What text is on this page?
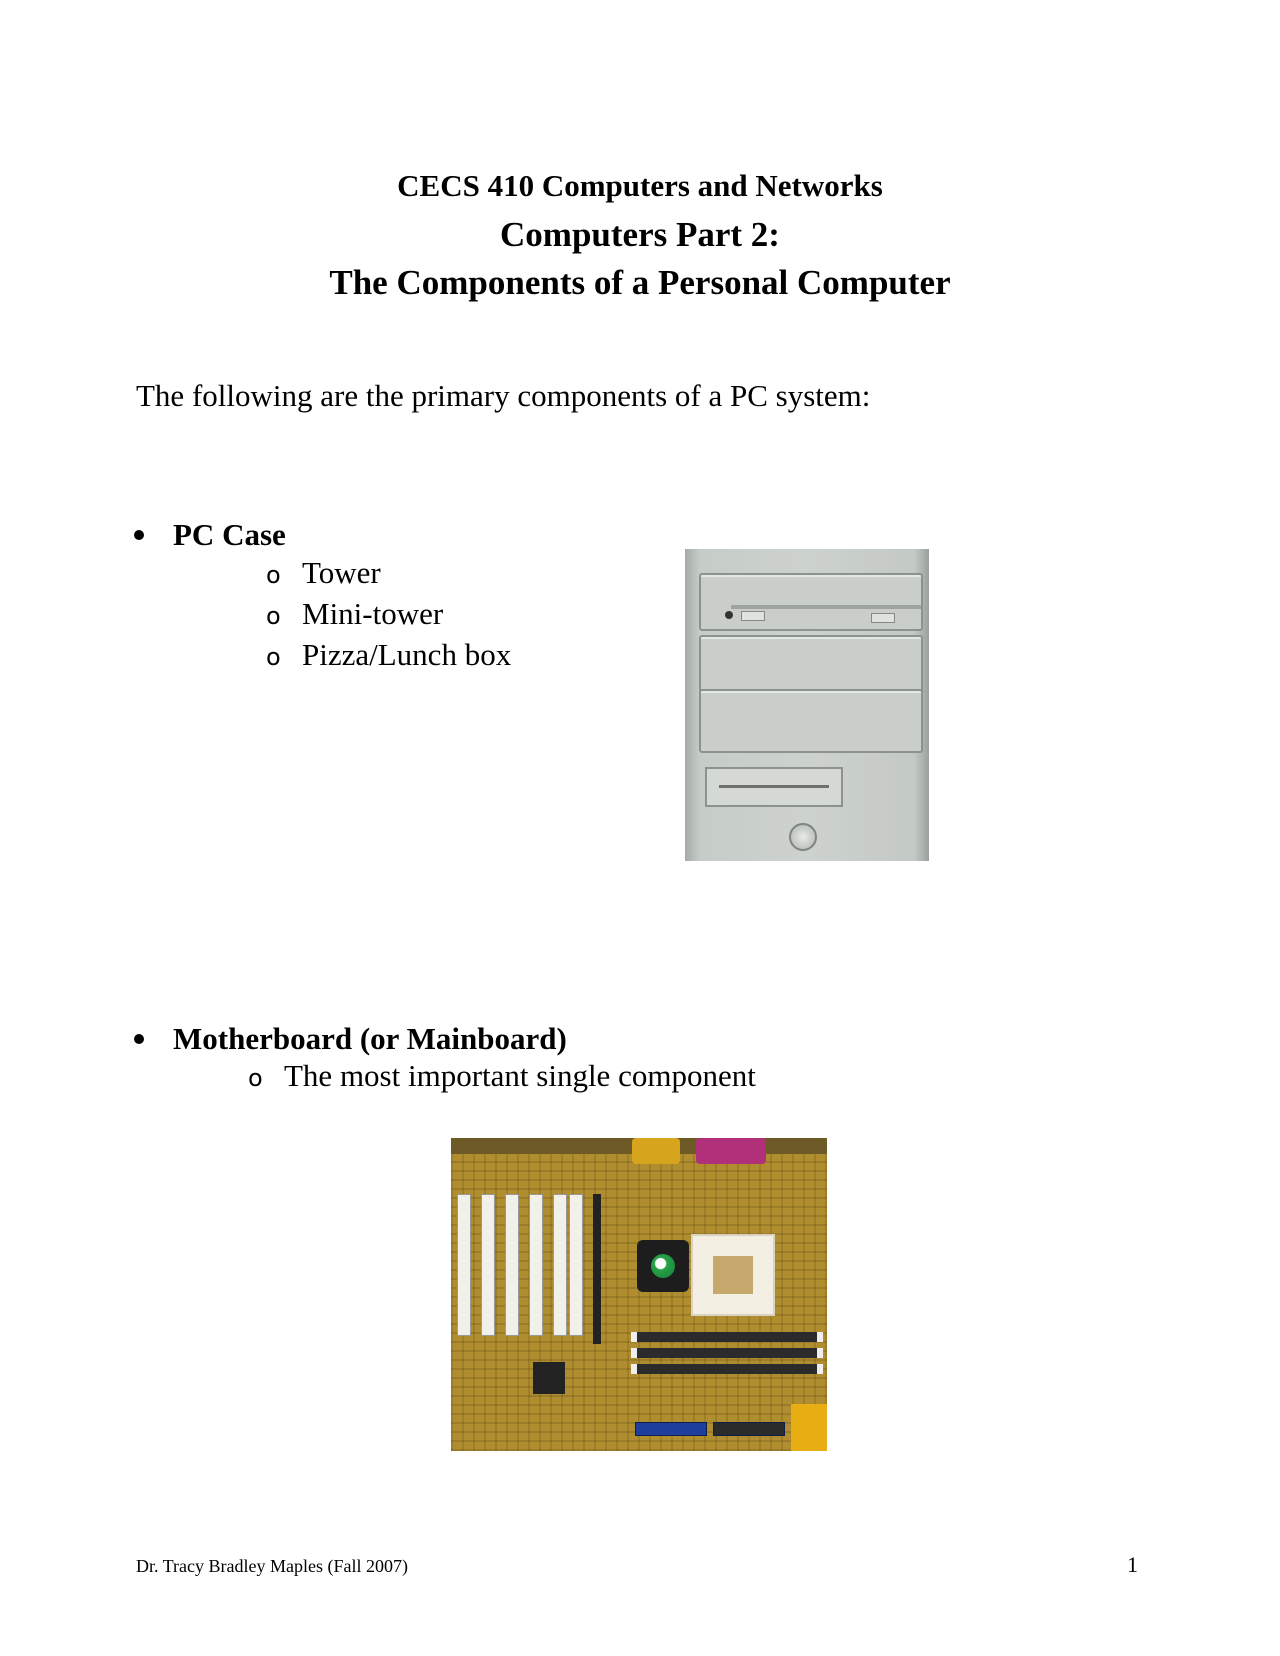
CECS 410 Computers and Networks
Computers Part 2:
The Components of a Personal Computer
The following are the primary components of a PC system:
PC Case
o Tower
o Mini-tower
o Pizza/Lunch box
Motherboard (or Mainboard)
o The most important single component
Dr. Tracy Bradley Maples (Fall 2007)	1
